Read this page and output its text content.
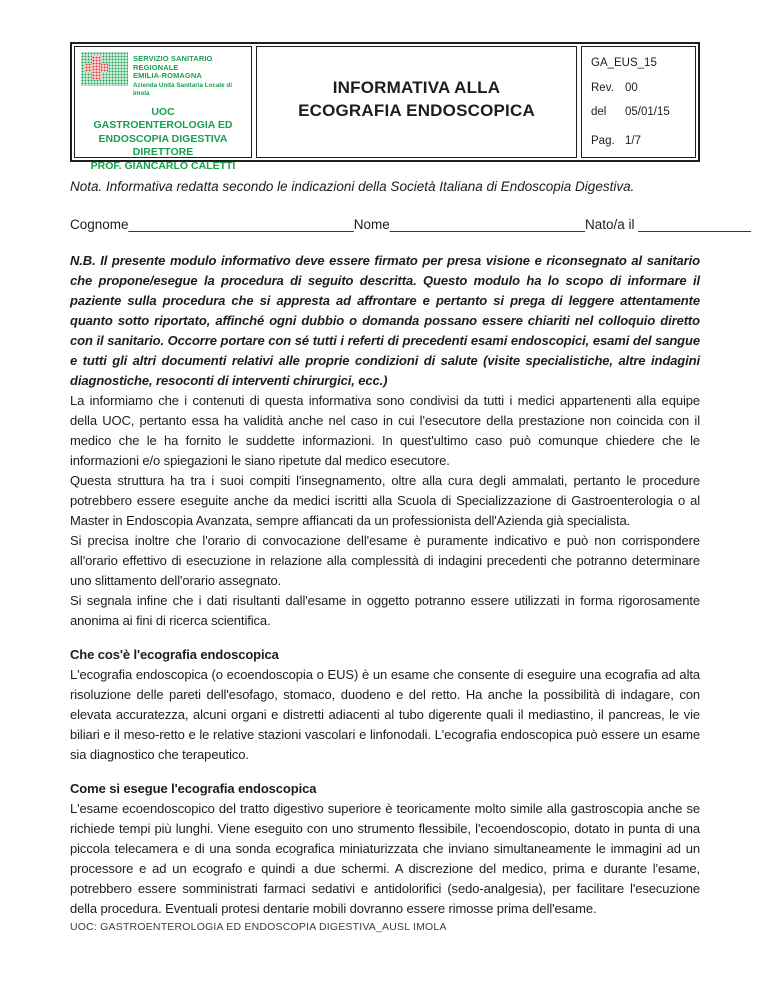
SERVIZIO SANITARIO REGIONALE
EMILIA-ROMAGNA
Azienda Unità Sanitaria Locale di Imola
UOC
GASTROENTEROLOGIA ED
ENDOSCOPIA DIGESTIVA
DIRETTORE
PROF. GIANCARLO CALETTI
INFORMATIVA ALLA
ECOGRAFIA ENDOSCOPICA
GA_EUS_15
Rev. 00
del	05/01/15
Pag. 1/7

Nota. Informativa redatta secondo le indicazioni della Società Italiana di Endoscopia Digestiva.

Cognome______________________________Nome__________________________Nato/a il _______________

N.B. Il presente modulo informativo deve essere firmato per presa visione e riconsegnato al sanitario che propone/esegue la procedura di seguito descritta. Questo modulo ha lo scopo di informare il paziente sulla procedura che si appresta ad affrontare e pertanto si prega di leggere attentamente quanto sotto riportato, affinché ogni dubbio o domanda possano essere chiariti nel colloquio diretto con il sanitario. Occorre portare con sé tutti i referti di precedenti esami endoscopici, esami del sangue e tutti gli altri documenti relativi alle proprie condizioni di salute (visite specialistiche, altre indagini diagnostiche, resoconti di interventi chirurgici, ecc.)

La informiamo che i contenuti di questa informativa sono condivisi da tutti i medici appartenenti alla equipe della UOC, pertanto essa ha validità anche nel caso in cui l'esecutore della prestazione non coincida con il medico che le ha fornito le suddette informazioni. In quest'ultimo caso può comunque chiedere che le informazioni e/o spiegazioni le siano ripetute dal medico esecutore.

Questa struttura ha tra i suoi compiti l'insegnamento, oltre alla cura degli ammalati, pertanto le procedure potrebbero essere eseguite anche da medici iscritti alla Scuola di Specializzazione di Gastroenterologia o al Master in Endoscopia Avanzata, sempre affiancati da un professionista dell'Azienda già specialista.

Si precisa inoltre che l'orario di convocazione dell'esame è puramente indicativo e può non corrispondere all'orario effettivo di esecuzione in relazione alla complessità di indagini precedenti che potranno determinare uno slittamento dell'orario assegnato.

Si segnala infine che i dati risultanti dall'esame in oggetto potranno essere utilizzati in forma rigorosamente anonima ai fini di ricerca scientifica.

Che cos'è l'ecografia endoscopica

L'ecografia endoscopica (o ecoendoscopia o EUS) è un esame che consente di eseguire una ecografia ad alta risoluzione delle pareti dell'esofago, stomaco, duodeno e del retto. Ha anche la possibilità di indagare, con elevata accuratezza, alcuni organi e distretti adiacenti al tubo digerente quali il mediastino, il pancreas, le vie biliari e il meso-retto e le relative stazioni vascolari e linfonodali. L'ecografia endoscopica può essere un esame sia diagnostico che terapeutico.

Come si esegue l'ecografia endoscopica

L'esame ecoendoscopico del tratto digestivo superiore è teoricamente molto simile alla gastroscopia anche se richiede tempi più lunghi. Viene eseguito con uno strumento flessibile, l'ecoendoscopio, dotato in punta di una piccola telecamera e di una sonda ecografica miniaturizzata che inviano simultaneamente le immagini ad un processore e ad un ecografo e quindi a due schermi. A discrezione del medico, prima e durante l'esame, potrebbero essere somministrati farmaci sedativi e antidolorifici (sedo-analgesia), per facilitare l'esecuzione della procedura. Eventuali protesi dentarie mobili dovranno essere rimosse prima dell'esame.

UOC: GASTROENTEROLOGIA ED ENDOSCOPIA DIGESTIVA_AUSL IMOLA
